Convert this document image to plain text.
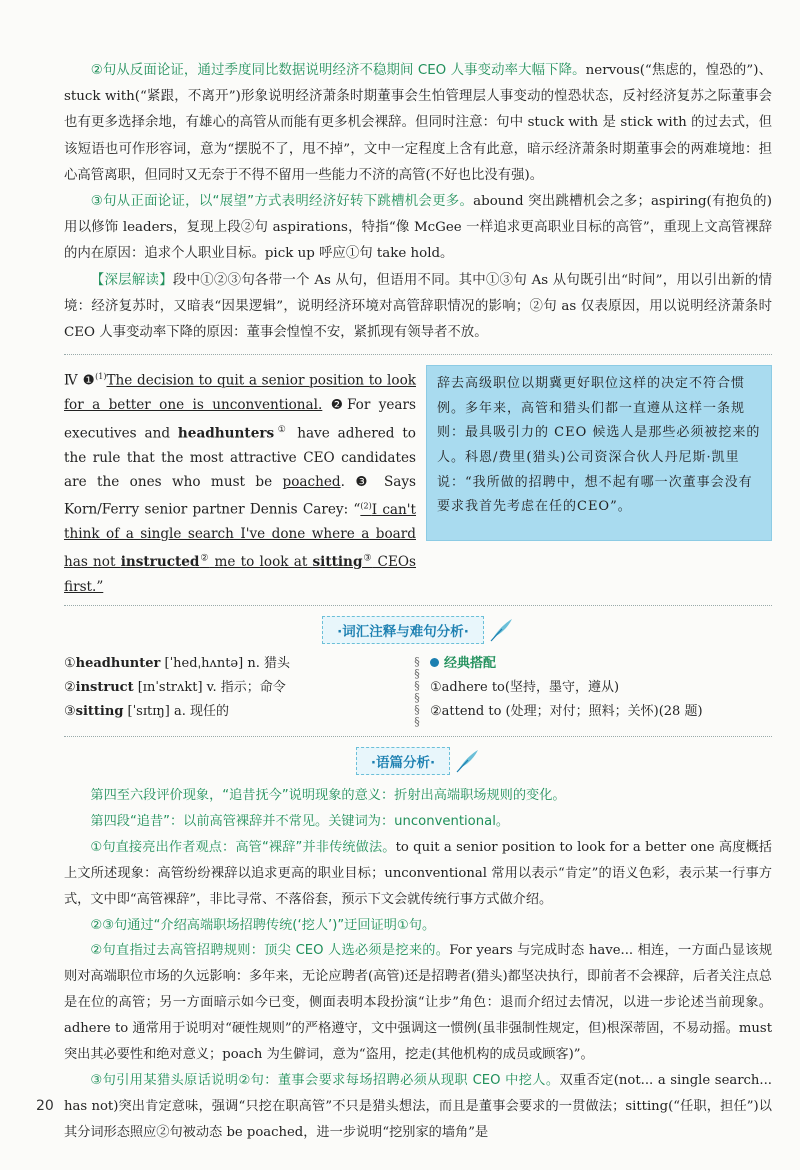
②句从反面论证，通过季度同比数据说明经济不稳期间 CEO 人事变动率大幅下降。nervous(“焦虑的，惶恐的”)、stuck with(“紧跟，不离开”)形象说明经济萧条时期董事会生怕管理层人事变动的惶恐状态，反衬经济复苏之际董事会也有更多选择余地，有雄心的高管从而能有更多机会裸辞。但同时注意：句中 stuck with 是 stick with 的过去式，但该短语也可作形容词，意为“摆脱不了，甩不掉”，文中一定程度上含有此意，暗示经济萧条时期董事会的两难境地：担心高管离职，但同时又无奈于不得不留用一些能力不济的高管(不好也比没有强)。

③句从正面论证，以“展望”方式表明经济好转下跳槽机会更多。abound 突出跳槽机会之多；aspiring(有抱负的)用以修饰 leaders，复现上段②句 aspirations，特指“像 McGee 一样追求更高职业目标的高管”，重现上文高管裸辞的内在原因：追求个人职业目标。pick up 呼应①句 take hold。

【深层解读】段中①②③句各带一个 As 从句，但语用不同。其中①③句 As 从句既引出“时间”，用以引出新的情境：经济复苏时，又暗表“因果逻辑”，说明经济环境对高管辞职情况的影响；②句 as 仅表原因，用以说明经济萧条时 CEO 人事变动率下降的原因：董事会惶惶不安，紧抓现有领导者不放。

Ⅳ ❶$^{(1)}$The decision to quit a senior position to look for a better one is unconventional. ❷For years executives and headhunters① have adhered to the rule that the most attractive CEO candidates are the ones who must be poached. ❸ Says Korn/Ferry senior partner Dennis Carey: “$^{(2)}$I can't think of a single search I've done where a board has not instructed② me to look at sitting③ CEOs first.”

辞去高级职位以期冀更好职位这样的决定不符合惯例。多年来，高管和猎头们都一直遵从这样一条规则：最具吸引力的 CEO 候选人是那些必须被挖来的人。科恩/费里(猎头)公司资深合伙人丹尼斯·凯里说：“我所做的招聘中，想不起有哪一次董事会没有要求我首先考虑在任的CEO”。
·词汇注释与难句分析·
①headhunter [ˈhedˌhʌntə] n. 猎头
②instruct [ɪnˈstrʌkt] v. 指示；命令
③sitting [ˈsɪtɪŋ] a. 现任的
§
§
§
§
§
§
经典搭配
①adhere to(坚持，墨守，遵从)
②attend to (处理；对付；照料；关怀)(28 题)
·语篇分析·

第四至六段评价现象，“追昔抚今”说明现象的意义：折射出高端职场规则的变化。

第四段“追昔”：以前高管裸辞并不常见。关键词为：unconventional。

①句直接亮出作者观点：高管“裸辞”并非传统做法。to quit a senior position to look for a better one 高度概括上文所述现象：高管纷纷裸辞以追求更高的职业目标；unconventional 常用以表示“肯定”的语义色彩，表示某一行事方式，文中即“高管裸辞”，非比寻常、不落俗套，预示下文会就传统行事方式做介绍。

②③句通过“介绍高端职场招聘传统(‘挖人’)”迂回证明①句。

②句直指过去高管招聘规则：顶尖 CEO 人选必须是挖来的。For years 与完成时态 have... 相连，一方面凸显该规则对高端职位市场的久远影响：多年来，无论应聘者(高管)还是招聘者(猎头)都坚决执行，即前者不会裸辞，后者关注点总是在位的高管；另一方面暗示如今已变，侧面表明本段扮演“让步”角色：退而介绍过去情况，以进一步论述当前现象。adhere to 通常用于说明对“硬性规则”的严格遵守，文中强调这一惯例(虽非强制性规定，但)根深蒂固，不易动摇。must 突出其必要性和绝对意义；poach 为生僻词，意为“盗用，挖走(其他机构的成员或顾客)”。

③句引用某猎头原话说明②句：董事会要求每场招聘必须从现职 CEO 中挖人。双重否定(not... a single search... has not)突出肯定意味，强调“只挖在职高管”不只是猎头想法，而且是董事会要求的一贯做法；sitting(“任职，担任”)以其分词形态照应②句被动态 be poached，进一步说明“挖别家的墙角”是

20
